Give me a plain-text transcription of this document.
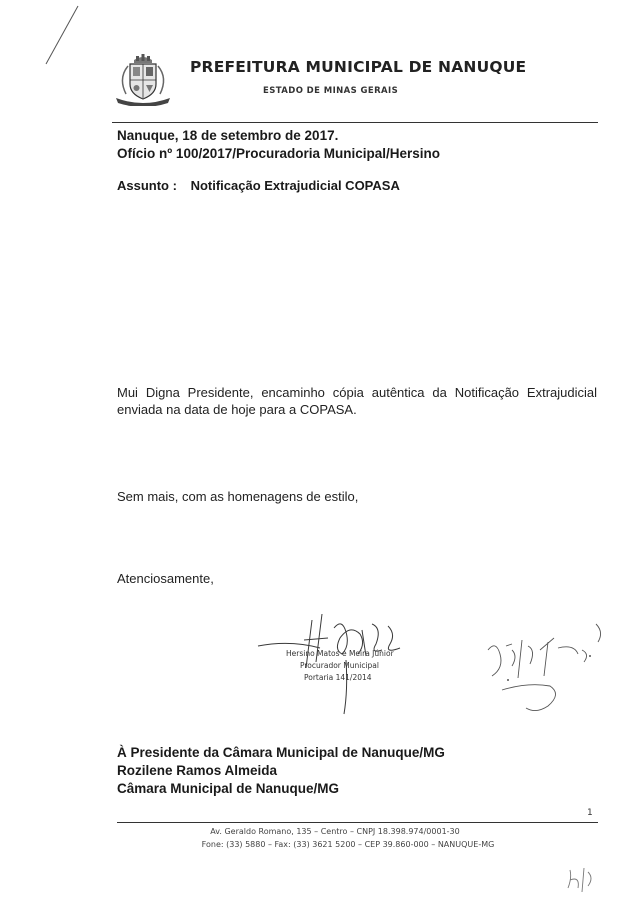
PREFEITURA MUNICIPAL DE NANUQUE
ESTADO DE MINAS GERAIS
Nanuque, 18 de setembro de 2017.
Ofício nº 100/2017/Procuradoria Municipal/Hersino
Assunto : Notificação Extrajudicial COPASA
Mui Digna Presidente, encaminho cópia autêntica da Notificação Extrajudicial enviada na data de hoje para a COPASA.
Sem mais, com as homenagens de estilo,
Atenciosamente,
Hersino Matos e Meira Júnior
Procurador Municipal
Portaria 141/2014
À Presidente da Câmara Municipal de Nanuque/MG
Rozilene Ramos Almeida
Câmara Municipal de Nanuque/MG
1
Av. Geraldo Romano, 135 – Centro – CNPJ 18.398.974/0001-30
Fone: (33) 5880 – Fax: (33) 3621 5200 – CEP 39.860-000 – NANUQUE-MG
